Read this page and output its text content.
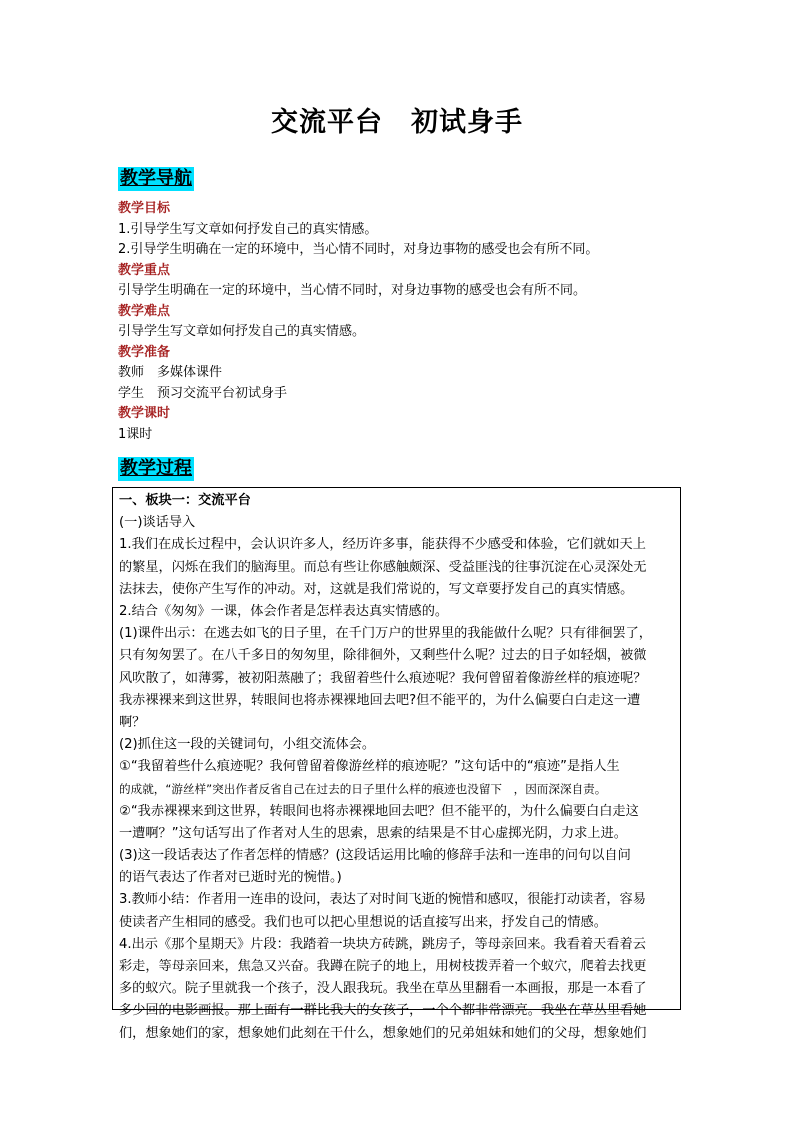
交流平台　初试身手
教学导航
教学目标
1.引导学生写文章如何抒发自己的真实情感。
2.引导学生明确在一定的环境中，当心情不同时，对身边事物的感受也会有所不同。
教学重点
引导学生明确在一定的环境中，当心情不同时，对身边事物的感受也会有所不同。
教学难点
引导学生写文章如何抒发自己的真实情感。
教学准备
教师　多媒体课件
学生　预习交流平台初试身手
教学课时
1课时
教学过程
一、板块一：交流平台
(一)谈话导入
1.我们在成长过程中，会认识许多人，经历许多事，能获得不少感受和体验，它们就如天上
的繁星，闪烁在我们的脑海里。而总有些让你感触颇深、受益匪浅的往事沉淀在心灵深处无
法抹去，使你产生写作的冲动。对，这就是我们常说的，写文章要抒发自己的真实情感。
2.结合《匆匆》一课，体会作者是怎样表达真实情感的。
(1)课件出示：在逃去如飞的日子里，在千门万户的世界里的我能做什么呢？只有徘徊罢了，
只有匆匆罢了。在八千多日的匆匆里，除徘徊外，又剩些什么呢？过去的日子如轻烟，被微
风吹散了，如薄雾，被初阳蒸融了；我留着些什么痕迹呢？我何曾留着像游丝样的痕迹呢？
我赤裸裸来到这世界，转眼间也将赤裸裸地回去吧?但不能平的，为什么偏要白白走这一遭
啊？
(2)抓住这一段的关键词句，小组交流体会。
①“我留着些什么痕迹呢？我何曾留着像游丝样的痕迹呢？”这句话中的“痕迹”是指人生
的成就，“游丝样”突出作者反省自己在过去的日子里什么样的痕迹也没留下　，因而深深自责。
②“我赤裸裸来到这世界，转眼间也将赤裸裸地回去吧？但不能平的，为什么偏要白白走这
一遭啊？”这句话写出了作者对人生的思索，思索的结果是不甘心虚掷光阴，力求上进。
(3)这一段话表达了作者怎样的情感？(这段话运用比喻的修辞手法和一连串的问句以自问
的语气表达了作者对已逝时光的惋惜。)
3.教师小结：作者用一连串的设问，表达了对时间飞逝的惋惜和感叹，很能打动读者，容易
使读者产生相同的感受。我们也可以把心里想说的话直接写出来，抒发自己的情感。
4.出示《那个星期天》片段：我踏着一块块方砖跳，跳房子，等母亲回来。我看着天看着云
彩走，等母亲回来，焦急又兴奋。我蹲在院子的地上，用树枝拨弄着一个蚁穴，爬着去找更
多的蚁穴。院子里就我一个孩子，没人跟我玩。我坐在草丛里翻看一本画报，那是一本看了
多少回的电影画报。那上面有一群比我大的女孩子，一个个都非常漂亮。我坐在草丛里看她
们，想象她们的家，想象她们此刻在干什么，想象她们的兄弟姐妹和她们的父母，想象她们
